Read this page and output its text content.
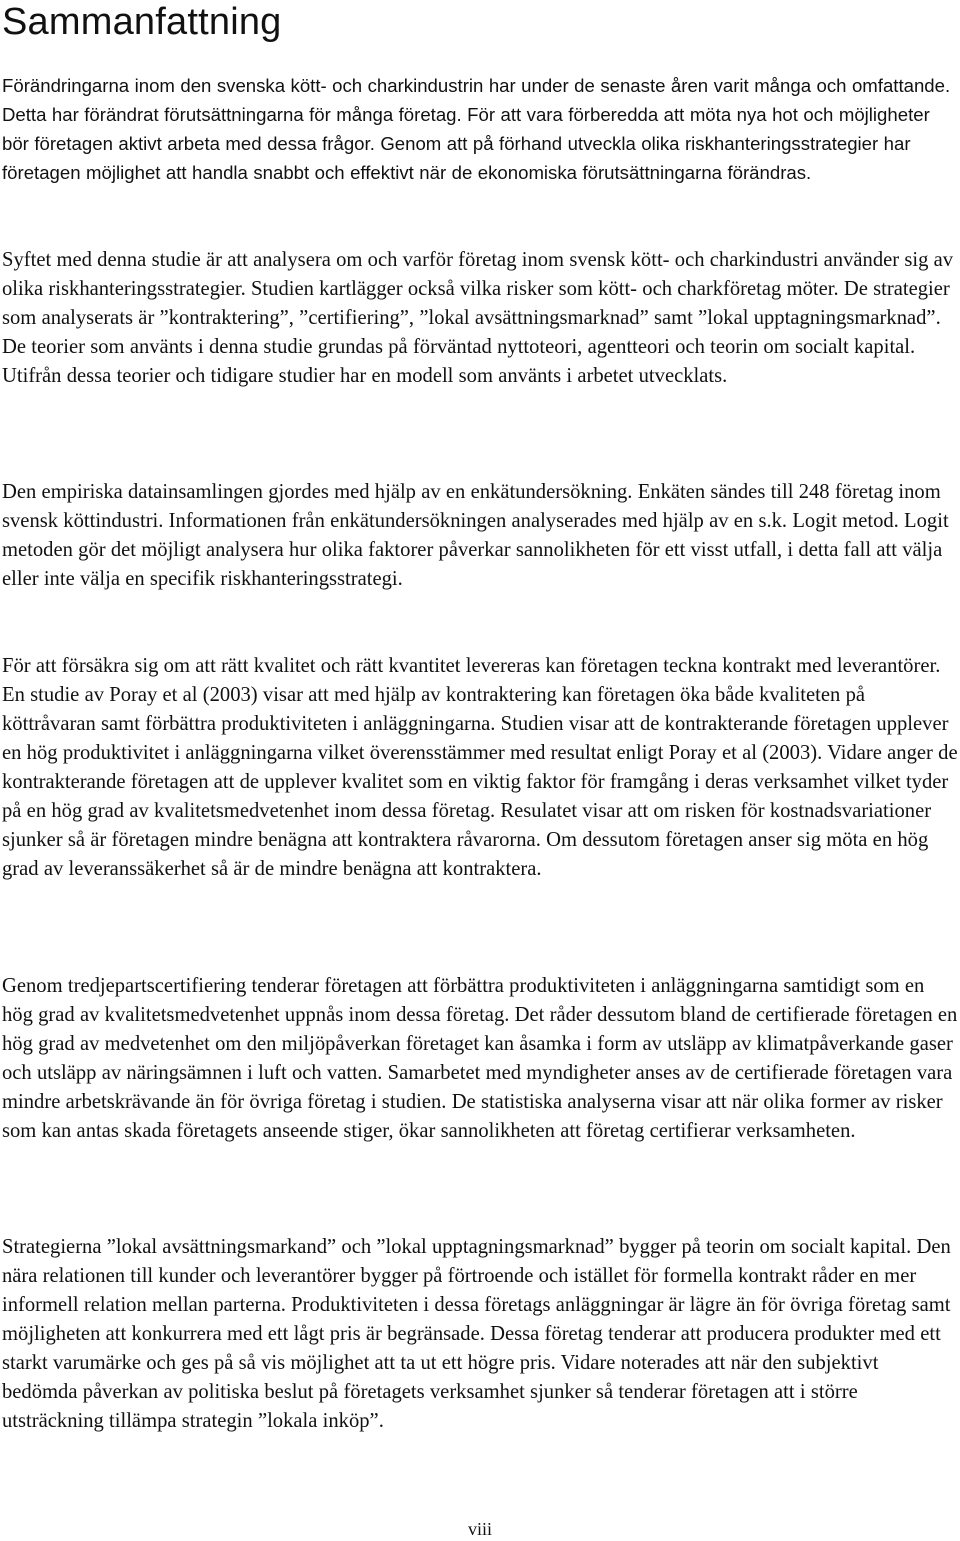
Sammanfattning

Förändringarna inom den svenska kött- och charkindustrin har under de senaste åren varit många och omfattande. Detta har förändrat förutsättningarna för många företag. För att vara förberedda att möta nya hot och möjligheter bör företagen aktivt arbeta med dessa frågor. Genom att på förhand utveckla olika riskhanteringsstrategier har företagen möjlighet att handla snabbt och effektivt när de ekonomiska förutsättningarna förändras.

Syftet med denna studie är att analysera om och varför företag inom svensk kött- och charkindustri använder sig av olika riskhanteringsstrategier. Studien kartlägger också vilka risker som kött- och charkföretag möter. De strategier som analyserats är ”kontraktering”, ”certifiering”, ”lokal avsättningsmarknad” samt ”lokal upptagningsmarknad”. De teorier som använts i denna studie grundas på förväntad nyttoteori, agentteori och teorin om socialt kapital. Utifrån dessa teorier och tidigare studier har en modell som använts i arbetet utvecklats.

Den empiriska datainsamlingen gjordes med hjälp av en enkätundersökning. Enkäten sändes till 248 företag inom svensk köttindustri. Informationen från enkätundersökningen analyserades med hjälp av en s.k. Logit metod. Logit metoden gör det möjligt analysera hur olika faktorer påverkar sannolikheten för ett visst utfall, i detta fall att välja eller inte välja en specifik riskhanteringsstrategi.

För att försäkra sig om att rätt kvalitet och rätt kvantitet levereras kan företagen teckna kontrakt med leverantörer. En studie av Poray et al (2003) visar att med hjälp av kontraktering kan företagen öka både kvaliteten på köttråvaran samt förbättra produktiviteten i anläggningarna. Studien visar att de kontrakterande företagen upplever en hög produktivitet i anläggningarna vilket överensstämmer med resultat enligt Poray et al (2003). Vidare anger de kontrakterande företagen att de upplever kvalitet som en viktig faktor för framgång i deras verksamhet vilket tyder på en hög grad av kvalitetsmedvetenhet inom dessa företag. Resulatet visar att om risken för kostnadsvariationer sjunker så är företagen mindre benägna att kontraktera råvarorna. Om dessutom företagen anser sig möta en hög grad av leveranssäkerhet så är de mindre benägna att kontraktera.

Genom tredjepartscertifiering tenderar företagen att förbättra produktiviteten i anläggningarna samtidigt som en hög grad av kvalitetsmedvetenhet uppnås inom dessa företag. Det råder dessutom bland de certifierade företagen en hög grad av medvetenhet om den miljöpåverkan företaget kan åsamka i form av utsläpp av klimatpåverkande gaser och utsläpp av näringsämnen i luft och vatten. Samarbetet med myndigheter anses av de certifierade företagen vara mindre arbetskrävande än för övriga företag i studien. De statistiska analyserna visar att när olika former av risker som kan antas skada företagets anseende stiger, ökar sannolikheten att företag certifierar verksamheten.

Strategierna ”lokal avsättningsmarkand” och ”lokal upptagningsmarknad” bygger på teorin om socialt kapital. Den nära relationen till kunder och leverantörer bygger på förtroende och istället för formella kontrakt råder en mer informell relation mellan parterna. Produktiviteten i dessa företags anläggningar är lägre än för övriga företag samt möjligheten att konkurrera med ett lågt pris är begränsade. Dessa företag tenderar att producera produkter med ett starkt varumärke och ges på så vis möjlighet att ta ut ett högre pris. Vidare noterades att när den subjektivt bedömda påverkan av politiska beslut på företagets verksamhet sjunker så tenderar företagen att i större utsträckning tillämpa strategin ”lokala inköp”.

viii
